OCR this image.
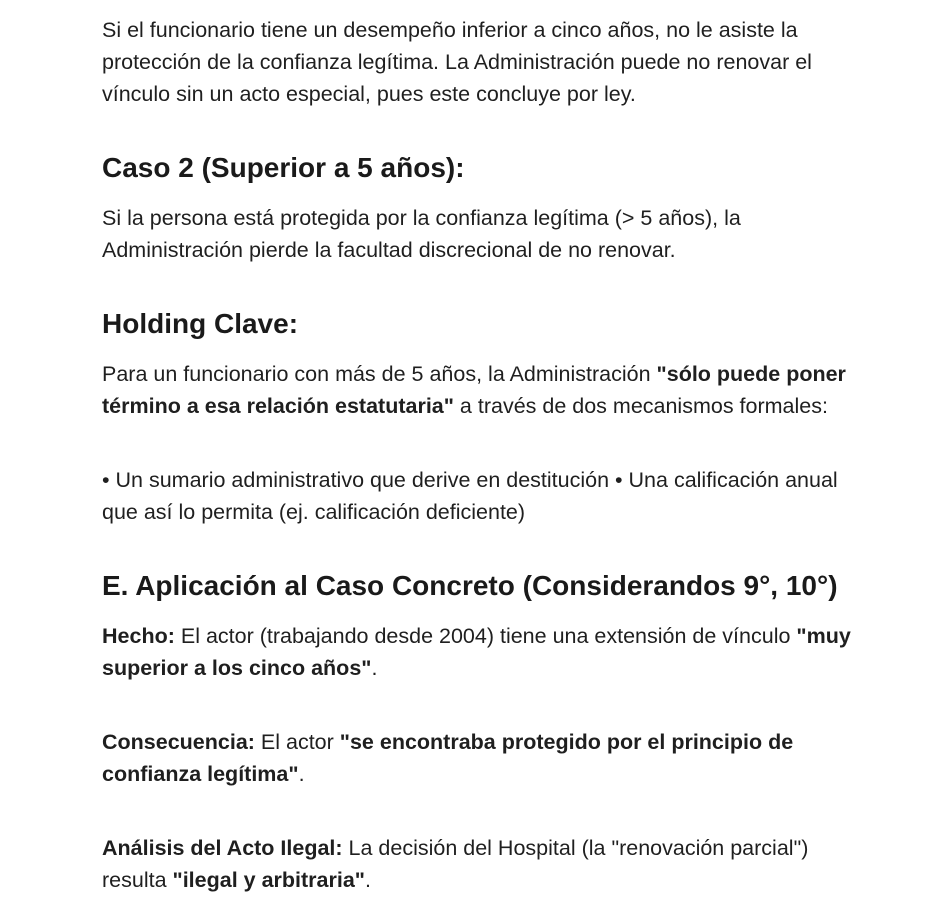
Si el funcionario tiene un desempeño inferior a cinco años, no le asiste la protección de la confianza legítima. La Administración puede no renovar el vínculo sin un acto especial, pues este concluye por ley.

Caso 2 (Superior a 5 años):

Si la persona está protegida por la confianza legítima (> 5 años), la Administración pierde la facultad discrecional de no renovar.

Holding Clave:

Para un funcionario con más de 5 años, la Administración "sólo puede poner término a esa relación estatutaria" a través de dos mecanismos formales:

• Un sumario administrativo que derive en destitución • Una calificación anual que así lo permita (ej. calificación deficiente)

E. Aplicación al Caso Concreto (Considerandos 9°, 10°)

Hecho: El actor (trabajando desde 2004) tiene una extensión de vínculo "muy superior a los cinco años".

Consecuencia: El actor "se encontraba protegido por el principio de confianza legítima".

Análisis del Acto Ilegal: La decisión del Hospital (la "renovación parcial") resulta "ilegal y arbitraria".
